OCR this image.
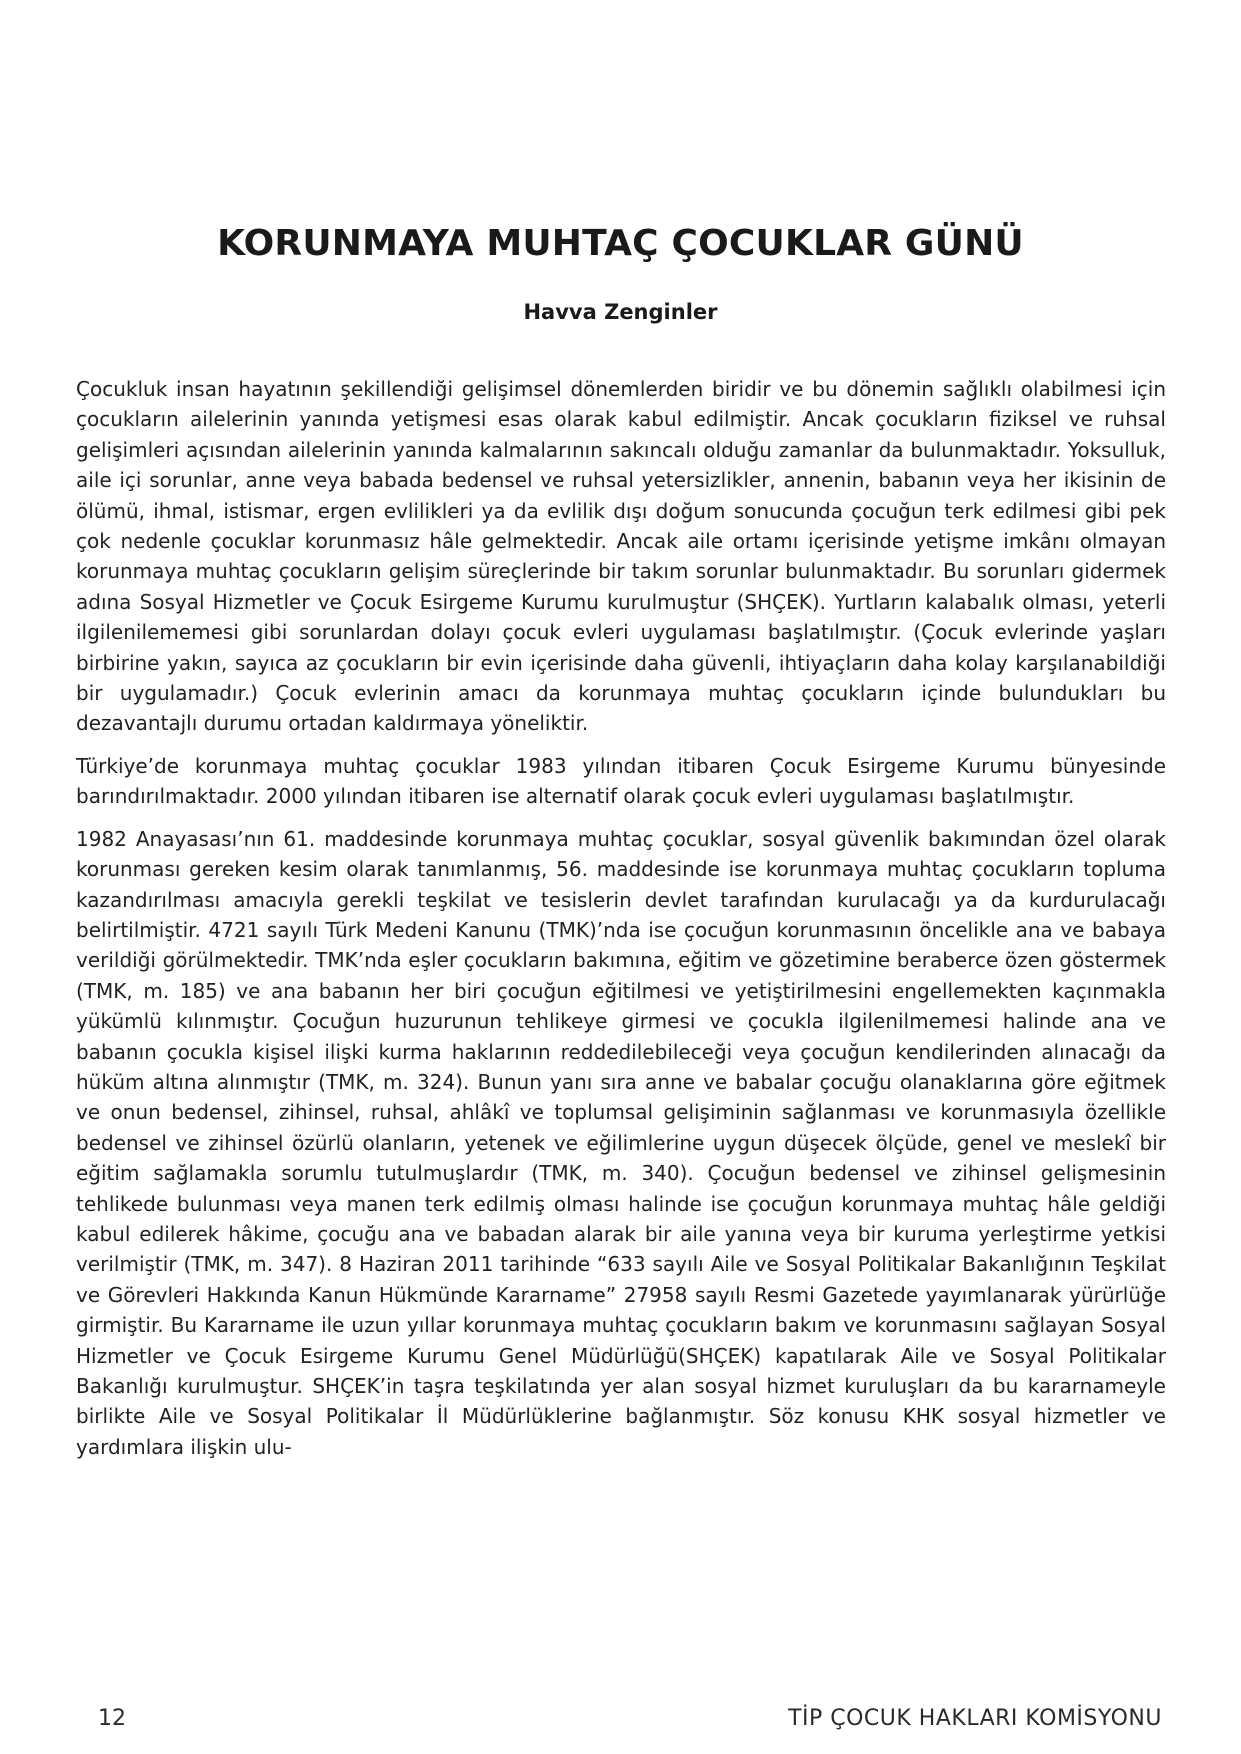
KORUNMAYA MUHTAÇ ÇOCUKLAR GÜNÜ
Havva Zenginler

Çocukluk insan hayatının şekillendiği gelişimsel dönemlerden biridir ve bu dönemin sağlıklı olabilmesi için çocukların ailelerinin yanında yetişmesi esas olarak kabul edilmiştir. Ancak çocukların fiziksel ve ruhsal gelişimleri açısından ailelerinin yanında kalmalarının sakıncalı olduğu zamanlar da bulunmaktadır. Yoksulluk, aile içi sorunlar, anne veya babada bedensel ve ruhsal yetersizlikler, annenin, babanın veya her ikisinin de ölümü, ihmal, istismar, ergen evlilikleri ya da evlilik dışı doğum sonucunda çocuğun terk edilmesi gibi pek çok nedenle çocuklar korunmasız hâle gelmektedir. Ancak aile ortamı içerisinde yetişme imkânı olmayan korunmaya muhtaç çocukların gelişim süreçlerinde bir takım sorunlar bulunmaktadır. Bu sorunları gidermek adına Sosyal Hizmetler ve Çocuk Esirgeme Kurumu kurulmuştur (SHÇEK). Yurtların kalabalık olması, yeterli ilgilenilememesi gibi sorunlardan dolayı çocuk evleri uygulaması başlatılmıştır. (Çocuk evlerinde yaşları birbirine yakın, sayıca az çocukların bir evin içerisinde daha güvenli, ihtiyaçların daha kolay karşılanabildiği bir uygulamadır.) Çocuk evlerinin amacı da korunmaya muhtaç çocukların içinde bulundukları bu dezavantajlı durumu ortadan kaldırmaya yöneliktir.

Türkiye’de korunmaya muhtaç çocuklar 1983 yılından itibaren Çocuk Esirgeme Kurumu bünyesinde barındırılmaktadır. 2000 yılından itibaren ise alternatif olarak çocuk evleri uygulaması başlatılmıştır.

1982 Anayasası’nın 61. maddesinde korunmaya muhtaç çocuklar, sosyal güvenlik bakımından özel olarak korunması gereken kesim olarak tanımlanmış, 56. maddesinde ise korunmaya muhtaç çocukların topluma kazandırılması amacıyla gerekli teşkilat ve tesislerin devlet tarafından kurulacağı ya da kurdurulacağı belirtilmiştir. 4721 sayılı Türk Medeni Kanunu (TMK)’nda ise çocuğun korunmasının öncelikle ana ve babaya verildiği görülmektedir. TMK’nda eşler çocukların bakımına, eğitim ve gözetimine beraberce özen göstermek (TMK, m. 185) ve ana babanın her biri çocuğun eğitilmesi ve yetiştirilmesini engellemekten kaçınmakla yükümlü kılınmıştır. Çocuğun huzurunun tehlikeye girmesi ve çocukla ilgilenilmemesi halinde ana ve babanın çocukla kişisel ilişki kurma haklarının reddedilebileceği veya çocuğun kendilerinden alınacağı da hüküm altına alınmıştır (TMK, m. 324). Bunun yanı sıra anne ve babalar çocuğu olanaklarına göre eğitmek ve onun bedensel, zihinsel, ruhsal, ahlâkî ve toplumsal gelişiminin sağlanması ve korunmasıyla özellikle bedensel ve zihinsel özürlü olanların, yetenek ve eğilimlerine uygun düşecek ölçüde, genel ve meslekî bir eğitim sağlamakla sorumlu tutulmuşlardır (TMK, m. 340). Çocuğun bedensel ve zihinsel gelişmesinin tehlikede bulunması veya manen terk edilmiş olması halinde ise çocuğun korunmaya muhtaç hâle geldiği kabul edilerek hâkime, çocuğu ana ve babadan alarak bir aile yanına veya bir kuruma yerleştirme yetkisi verilmiştir (TMK, m. 347). 8 Haziran 2011 tarihinde “633 sayılı Aile ve Sosyal Politikalar Bakanlığının Teşkilat ve Görevleri Hakkında Kanun Hükmünde Kararname” 27958 sayılı Resmi Gazetede yayımlanarak yürürlüğe girmiştir. Bu Kararname ile uzun yıllar korunmaya muhtaç çocukların bakım ve korunmasını sağlayan Sosyal Hizmetler ve Çocuk Esirgeme Kurumu Genel Müdürlüğü(SHÇEK) kapatılarak Aile ve Sosyal Politikalar Bakanlığı kurulmuştur. SHÇEK’in taşra teşkilatında yer alan sosyal hizmet kuruluşları da bu kararnameyle birlikte Aile ve Sosyal Politikalar İl Müdürlüklerine bağlanmıştır. Söz konusu KHK sosyal hizmetler ve yardımlara ilişkin ulu-

12	TİP ÇOCUK HAKLARI KOMİSYONU
